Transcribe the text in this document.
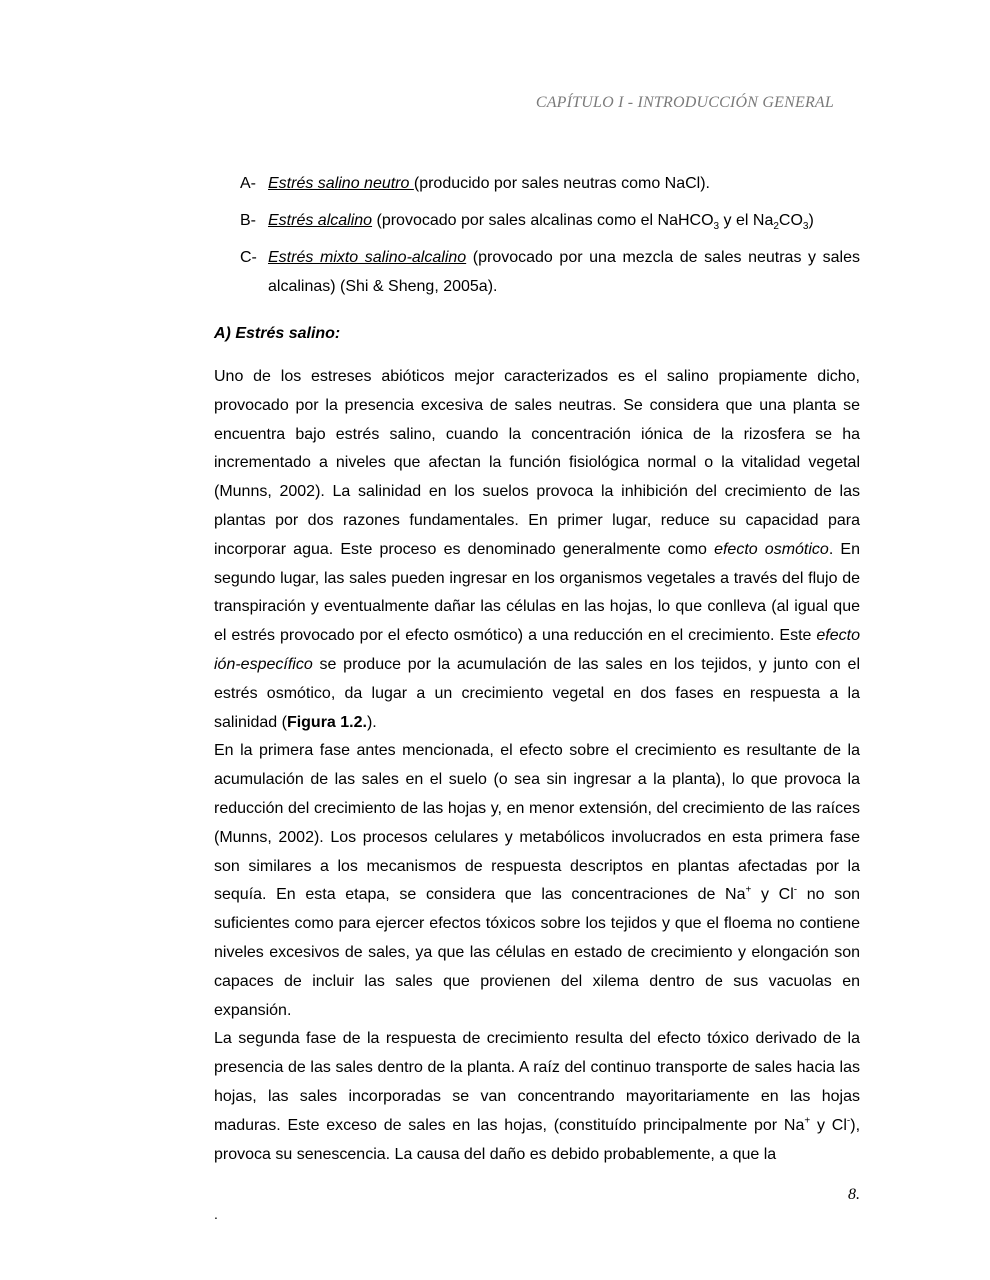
CAPÍTULO I - INTRODUCCIÓN GENERAL
A- Estrés salino neutro (producido por sales neutras como NaCl).
B- Estrés alcalino (provocado por sales alcalinas como el NaHCO$_3$ y el $Na_2CO_3$)
C- Estrés mixto salino-alcalino (provocado por una mezcla de sales neutras y sales alcalinas) (Shi & Sheng, 2005a).
A) Estrés salino:

Uno de los estreses abióticos mejor caracterizados es el salino propiamente dicho, provocado por la presencia excesiva de sales neutras. Se considera que una planta se encuentra bajo estrés salino, cuando la concentración iónica de la rizosfera se ha incrementado a niveles que afectan la función fisiológica normal o la vitalidad vegetal (Munns, 2002). La salinidad en los suelos provoca la inhibición del crecimiento de las plantas por dos razones fundamentales. En primer lugar, reduce su capacidad para incorporar agua. Este proceso es denominado generalmente como efecto osmótico. En segundo lugar, las sales pueden ingresar en los organismos vegetales a través del flujo de transpiración y eventualmente dañar las células en las hojas, lo que conlleva (al igual que el estrés provocado por el efecto osmótico) a una reducción en el crecimiento. Este efecto ión-específico se produce por la acumulación de las sales en los tejidos, y junto con el estrés osmótico, da lugar a un crecimiento vegetal en dos fases en respuesta a la salinidad (Figura 1.2.).

En la primera fase antes mencionada, el efecto sobre el crecimiento es resultante de la acumulación de las sales en el suelo (o sea sin ingresar a la planta), lo que provoca la reducción del crecimiento de las hojas y, en menor extensión, del crecimiento de las raíces (Munns, 2002). Los procesos celulares y metabólicos involucrados en esta primera fase son similares a los mecanismos de respuesta descriptos en plantas afectadas por la sequía. En esta etapa, se considera que las concentraciones de Na+ y Cl- no son suficientes como para ejercer efectos tóxicos sobre los tejidos y que el floema no contiene niveles excesivos de sales, ya que las células en estado de crecimiento y elongación son capaces de incluir las sales que provienen del xilema dentro de sus vacuolas en expansión.

La segunda fase de la respuesta de crecimiento resulta del efecto tóxico derivado de la presencia de las sales dentro de la planta. A raíz del continuo transporte de sales hacia las hojas, las sales incorporadas se van concentrando mayoritariamente en las hojas maduras. Este exceso de sales en las hojas, (constituído principalmente por Na+ y Cl-), provoca su senescencia. La causa del daño es debido probablemente, a que la

8.
.
